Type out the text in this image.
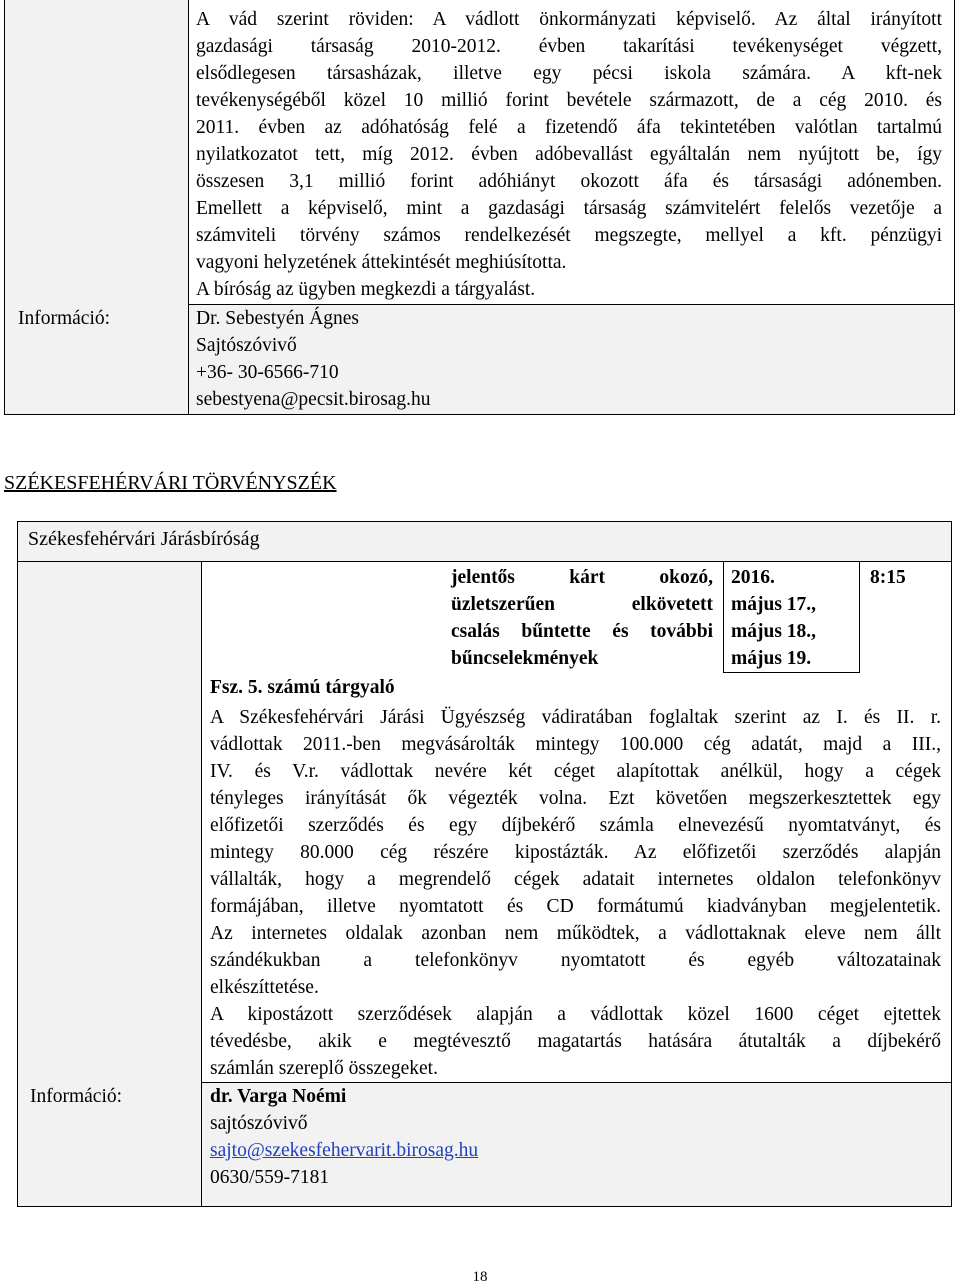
Információ:
A vád szerint röviden: A vádlott önkormányzati képviselő. Az által irányított
gazdasági társaság 2010-2012. évben takarítási tevékenységet végzett,
elsődlegesen társasházak, illetve egy pécsi iskola számára. A kft-nek
tevékenységéből közel 10 millió forint bevétele származott, de a cég 2010. és
2011. évben az adóhatóság felé a fizetendő áfa tekintetében valótlan tartalmú
nyilatkozatot tett, míg 2012. évben adóbevallást egyáltalán nem nyújtott be, így
összesen 3,1 millió forint adóhiányt okozott áfa és társasági adónemben.
Emellett a képviselő, mint a gazdasági társaság számvitelért felelős vezetője a
számviteli törvény számos rendelkezését megszegte, mellyel a kft. pénzügyi
vagyoni helyzetének áttekintését meghiúsította.
A bíróság az ügyben megkezdi a tárgyalást.
Dr. Sebestyén Ágnes
Sajtószóvivő
+36- 30-6566-710
sebestyena@pecsit.birosag.hu
SZÉKESFEHÉRVÁRI TÖRVÉNYSZÉK
Székesfehérvári Járásbíróság
jelentős kárt okozó,
üzletszerűen elkövetett
csalás bűntette és további
bűncselekmények
2016.
május 17.,
május 18.,
május 19.
8:15
Fsz. 5. számú tárgyaló
A Székesfehérvári Járási Ügyészség vádiratában foglaltak szerint az I. és II. r.
vádlottak 2011.-ben megvásárolták mintegy 100.000 cég adatát, majd a III.,
IV. és V.r. vádlottak nevére két céget alapítottak anélkül, hogy a cégek
tényleges irányítását ők végezték volna. Ezt követően megszerkesztettek egy
előfizetői szerződés és egy díjbekérő számla elnevezésű nyomtatványt, és
mintegy 80.000 cég részére kipostázták. Az előfizetői szerződés alapján
vállalták, hogy a megrendelő cégek adatait internetes oldalon telefonkönyv
formájában, illetve nyomtatott és CD formátumú kiadványban megjelentetik.
Az internetes oldalak azonban nem működtek, a vádlottaknak eleve nem állt
szándékukban a telefonkönyv nyomtatott és egyéb változatainak
elkészíttetése.
A kipostázott szerződések alapján a vádlottak közel 1600 céget ejtettek
tévedésbe, akik e megtévesztő magatartás hatására átutalták a díjbekérő
számlán szereplő összegeket.
Információ:	dr. Varga Noémi
sajtószóvivő
sajto@szekesfehervarit.birosag.hu
0630/559-7181
18
